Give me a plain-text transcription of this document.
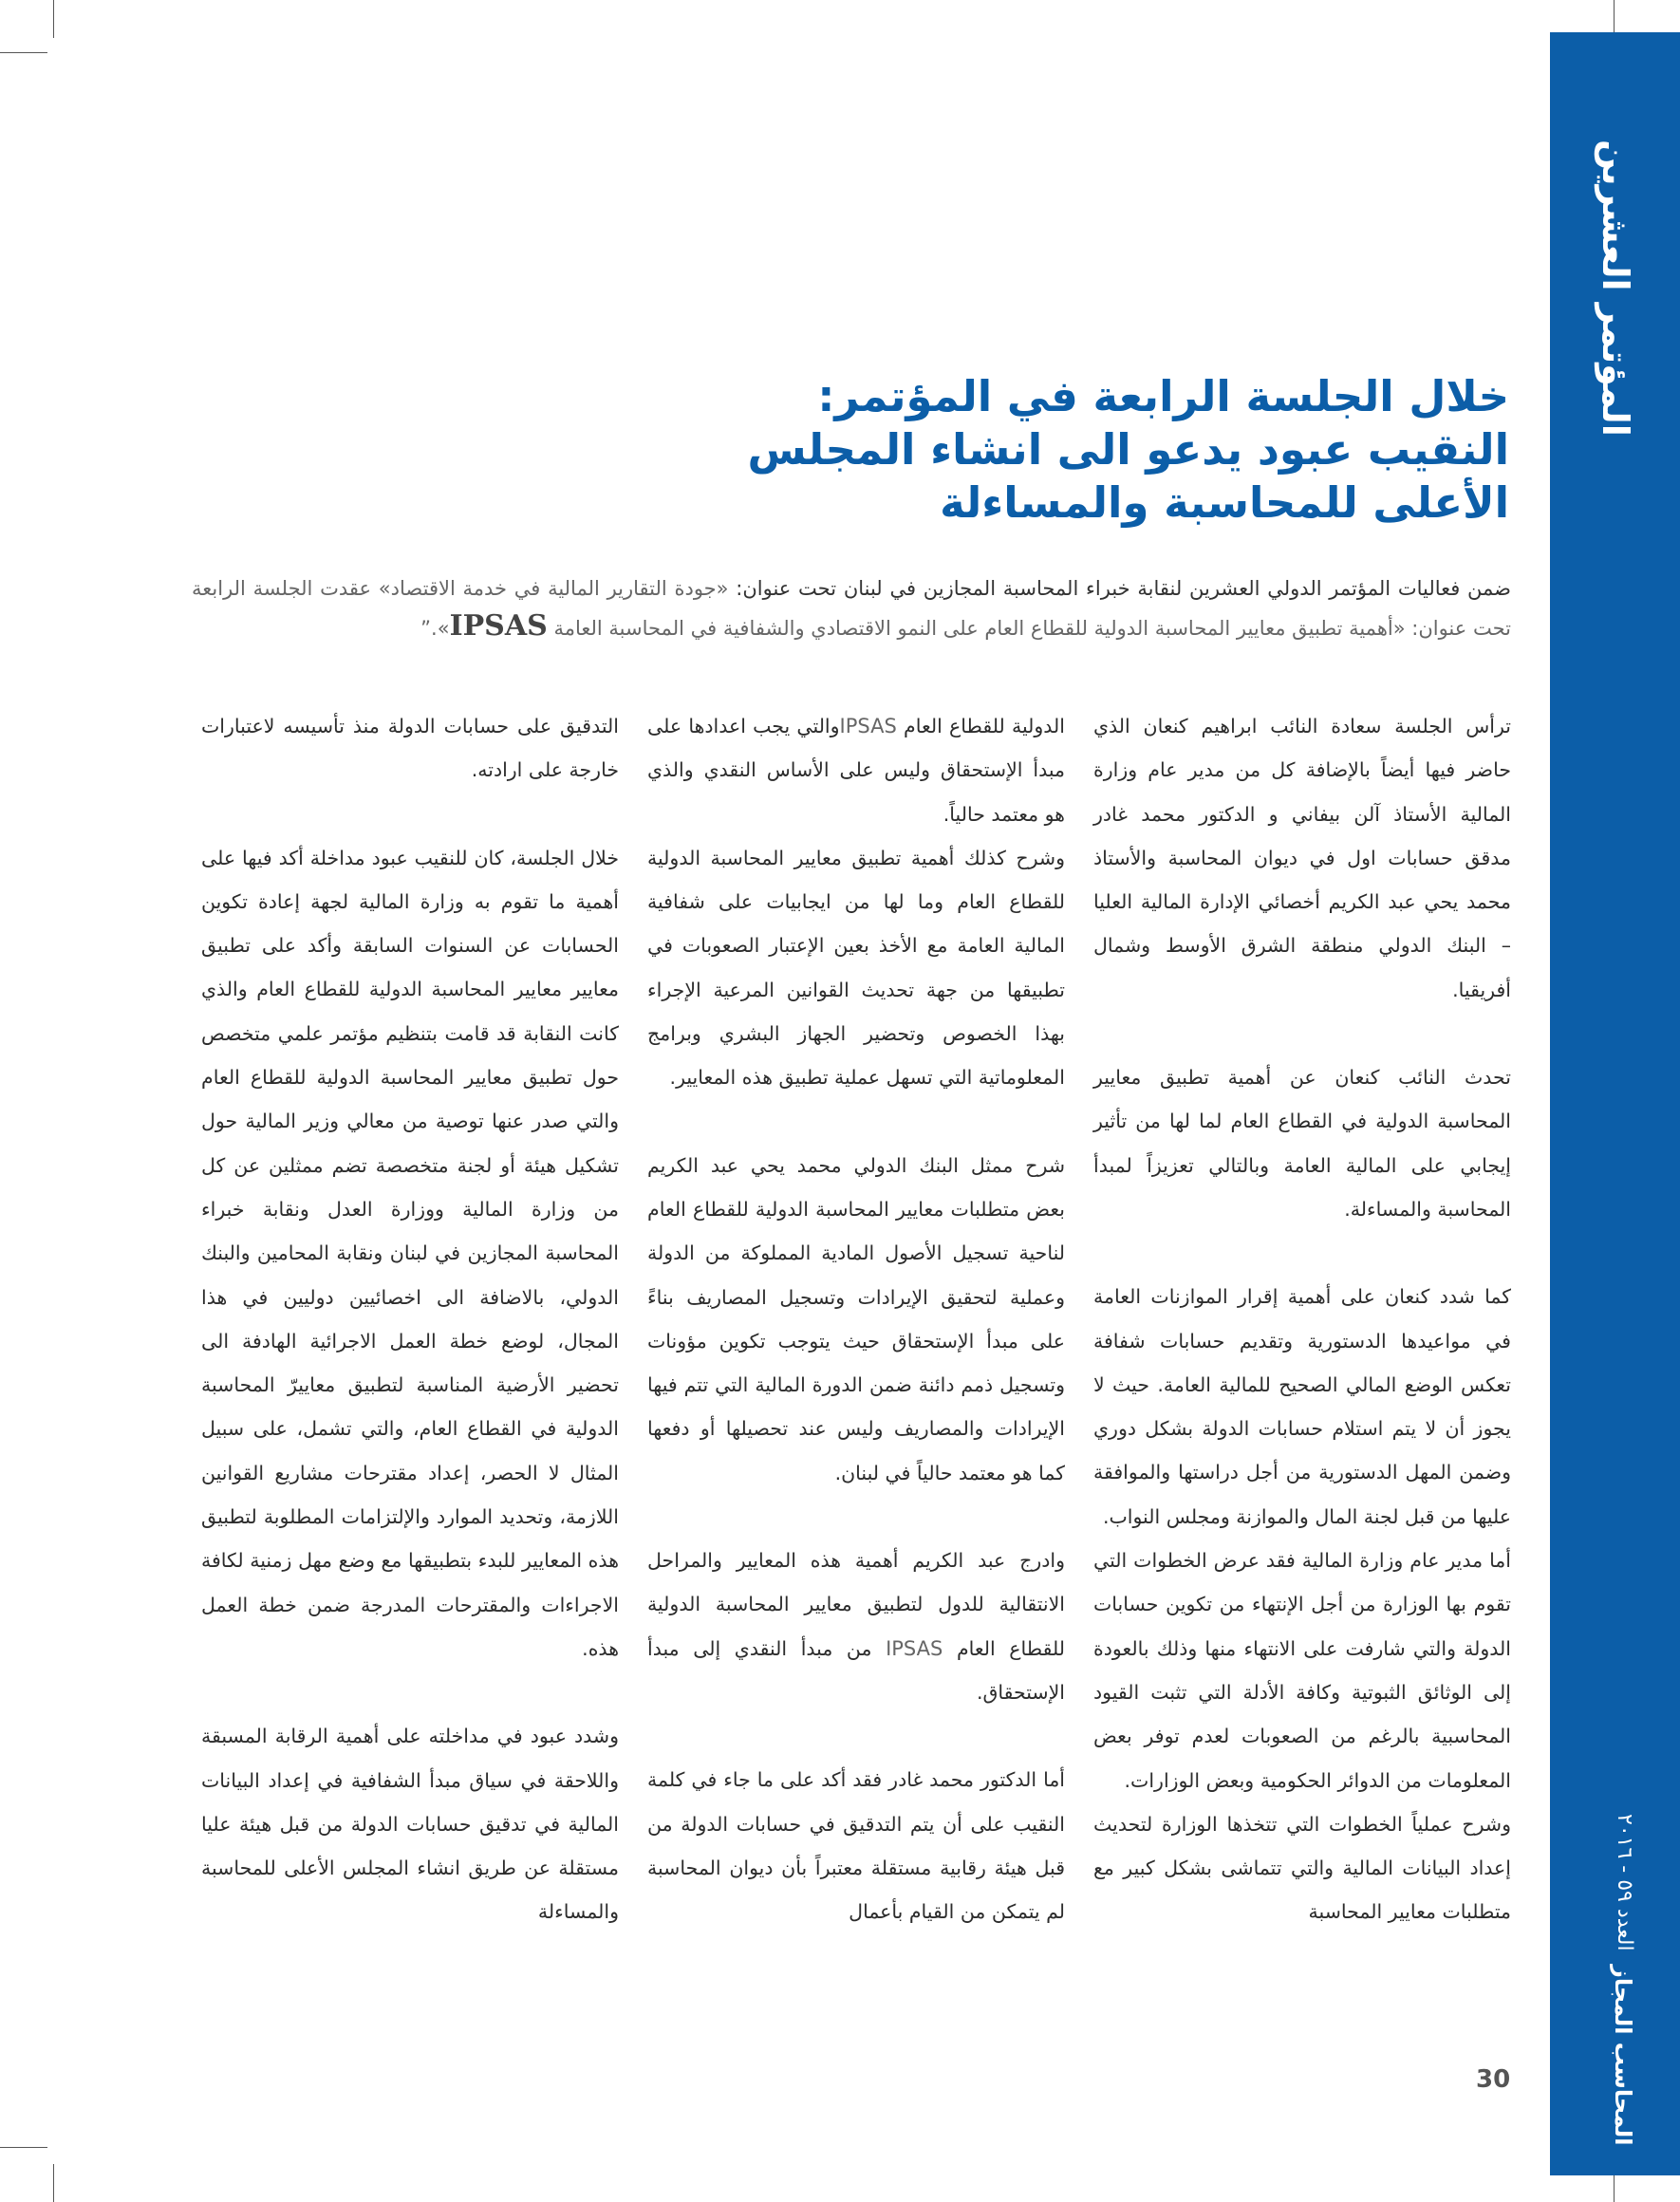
المؤتمر العشرين
المحاسب المجاز
العدد ٥٩ - ٢٠١٦
خلال الجلسة الرابعة في المؤتمر:
النقيب عبود يدعو الى انشاء المجلس
الأعلى للمحاسبة والمساءلة
ضمن فعاليات المؤتمر الدولي العشرين لنقابة خبراء المحاسبة المجازين في لبنان تحت عنوان: «جودة التقارير المالية في خدمة الاقتصاد» عقدت الجلسة الرابعة تحت عنوان: «أهمية تطبيق معايير المحاسبة الدولية للقطاع العام على النمو الاقتصادي والشفافية في المحاسبة العامة IPSAS».”

ترأس الجلسة سعادة النائب ابراهيم كنعان الذي حاضر فيها أيضاً بالإضافة كل من مدير عام وزارة المالية الأستاذ آلن بيفاني و الدكتور محمد غادر مدقق حسابات اول في ديوان المحاسبة والأستاذ محمد يحي عبد الكريم أخصائي الإدارة المالية العليا – البنك الدولي منطقة الشرق الأوسط وشمال أفريقيا.

تحدث النائب كنعان عن أهمية تطبيق معايير المحاسبة الدولية في القطاع العام لما لها من تأثير إيجابي على المالية العامة وبالتالي تعزيزاً لمبدأ المحاسبة والمساءلة.

كما شدد كنعان على أهمية إقرار الموازنات العامة في مواعيدها الدستورية وتقديم حسابات شفافة تعكس الوضع المالي الصحيح للمالية العامة. حيث لا يجوز أن لا يتم استلام حسابات الدولة بشكل دوري وضمن المهل الدستورية من أجل دراستها والموافقة عليها من قبل لجنة المال والموازنة ومجلس النواب.

أما مدير عام وزارة المالية فقد عرض الخطوات التي تقوم بها الوزارة من أجل الإنتهاء من تكوين حسابات الدولة والتي شارفت على الانتهاء منها وذلك بالعودة إلى الوثائق الثبوتية وكافة الأدلة التي تثبت القيود المحاسبية بالرغم من الصعوبات لعدم توفر بعض المعلومات من الدوائر الحكومية وبعض الوزارات.

وشرح عملياً الخطوات التي تتخذها الوزارة لتحديث إعداد البيانات المالية والتي تتماشى بشكل كبير مع متطلبات معايير المحاسبة

الدولية للقطاع العام IPSASوالتي يجب اعدادها على مبدأ الإستحقاق وليس على الأساس النقدي والذي هو معتمد حالياً.

وشرح كذلك أهمية تطبيق معايير المحاسبة الدولية للقطاع العام وما لها من ايجابيات على شفافية المالية العامة مع الأخذ بعين الإعتبار الصعوبات في تطبيقها من جهة تحديث القوانين المرعية الإجراء بهذا الخصوص وتحضير الجهاز البشري وبرامج المعلوماتية التي تسهل عملية تطبيق هذه المعايير.

شرح ممثل البنك الدولي محمد يحي عبد الكريم بعض متطلبات معايير المحاسبة الدولية للقطاع العام لناحية تسجيل الأصول المادية المملوكة من الدولة وعملية لتحقيق الإيرادات وتسجيل المصاريف بناءً على مبدأ الإستحقاق حيث يتوجب تكوين مؤونات وتسجيل ذمم دائنة ضمن الدورة المالية التي تتم فيها الإيرادات والمصاريف وليس عند تحصيلها أو دفعها كما هو معتمد حالياً في لبنان.

وادرج عبد الكريم أهمية هذه المعايير والمراحل الانتقالية للدول لتطبيق معايير المحاسبة الدولية للقطاع العام IPSAS من مبدأ النقدي إلى مبدأ الإستحقاق.

أما الدكتور محمد غادر فقد أكد على ما جاء في كلمة النقيب على أن يتم التدقيق في حسابات الدولة من قبل هيئة رقابية مستقلة معتبراً بأن ديوان المحاسبة لم يتمكن من القيام بأعمال

التدقيق على حسابات الدولة منذ تأسيسه لاعتبارات خارجة على ارادته.

خلال الجلسة، كان للنقيب عبود مداخلة أكد فيها على أهمية ما تقوم به وزارة المالية لجهة إعادة تكوين الحسابات عن السنوات السابقة وأكد على تطبيق معايير معايير المحاسبة الدولية للقطاع العام والذي كانت النقابة قد قامت بتنظيم مؤتمر علمي متخصص حول تطبيق معايير المحاسبة الدولية للقطاع العام والتي صدر عنها توصية من معالي وزير المالية حول تشكيل هيئة أو لجنة متخصصة تضم ممثلين عن كل من وزارة المالية ووزارة العدل ونقابة خبراء المحاسبة المجازين في لبنان ونقابة المحامين والبنك الدولي، بالاضافة الى اخصائيين دوليين في هذا المجال، لوضع خطة العمل الاجرائية الهادفة الى تحضير الأرضية المناسبة لتطبيق معاييرّ المحاسبة الدولية في القطاع العام، والتي تشمل، على سبيل المثال لا الحصر، إعداد مقترحات مشاريع القوانين اللازمة، وتحديد الموارد والإلتزامات المطلوبة لتطبيق هذه المعايير للبدء بتطبيقها مع وضع مهل زمنية لكافة الاجراءات والمقترحات المدرجة ضمن خطة العمل هذه.

وشدد عبود في مداخلته على أهمية الرقابة المسبقة واللاحقة في سياق مبدأ الشفافية في إعداد البيانات المالية في تدقيق حسابات الدولة من قبل هيئة عليا مستقلة عن طريق انشاء المجلس الأعلى للمحاسبة والمساءلة

30
